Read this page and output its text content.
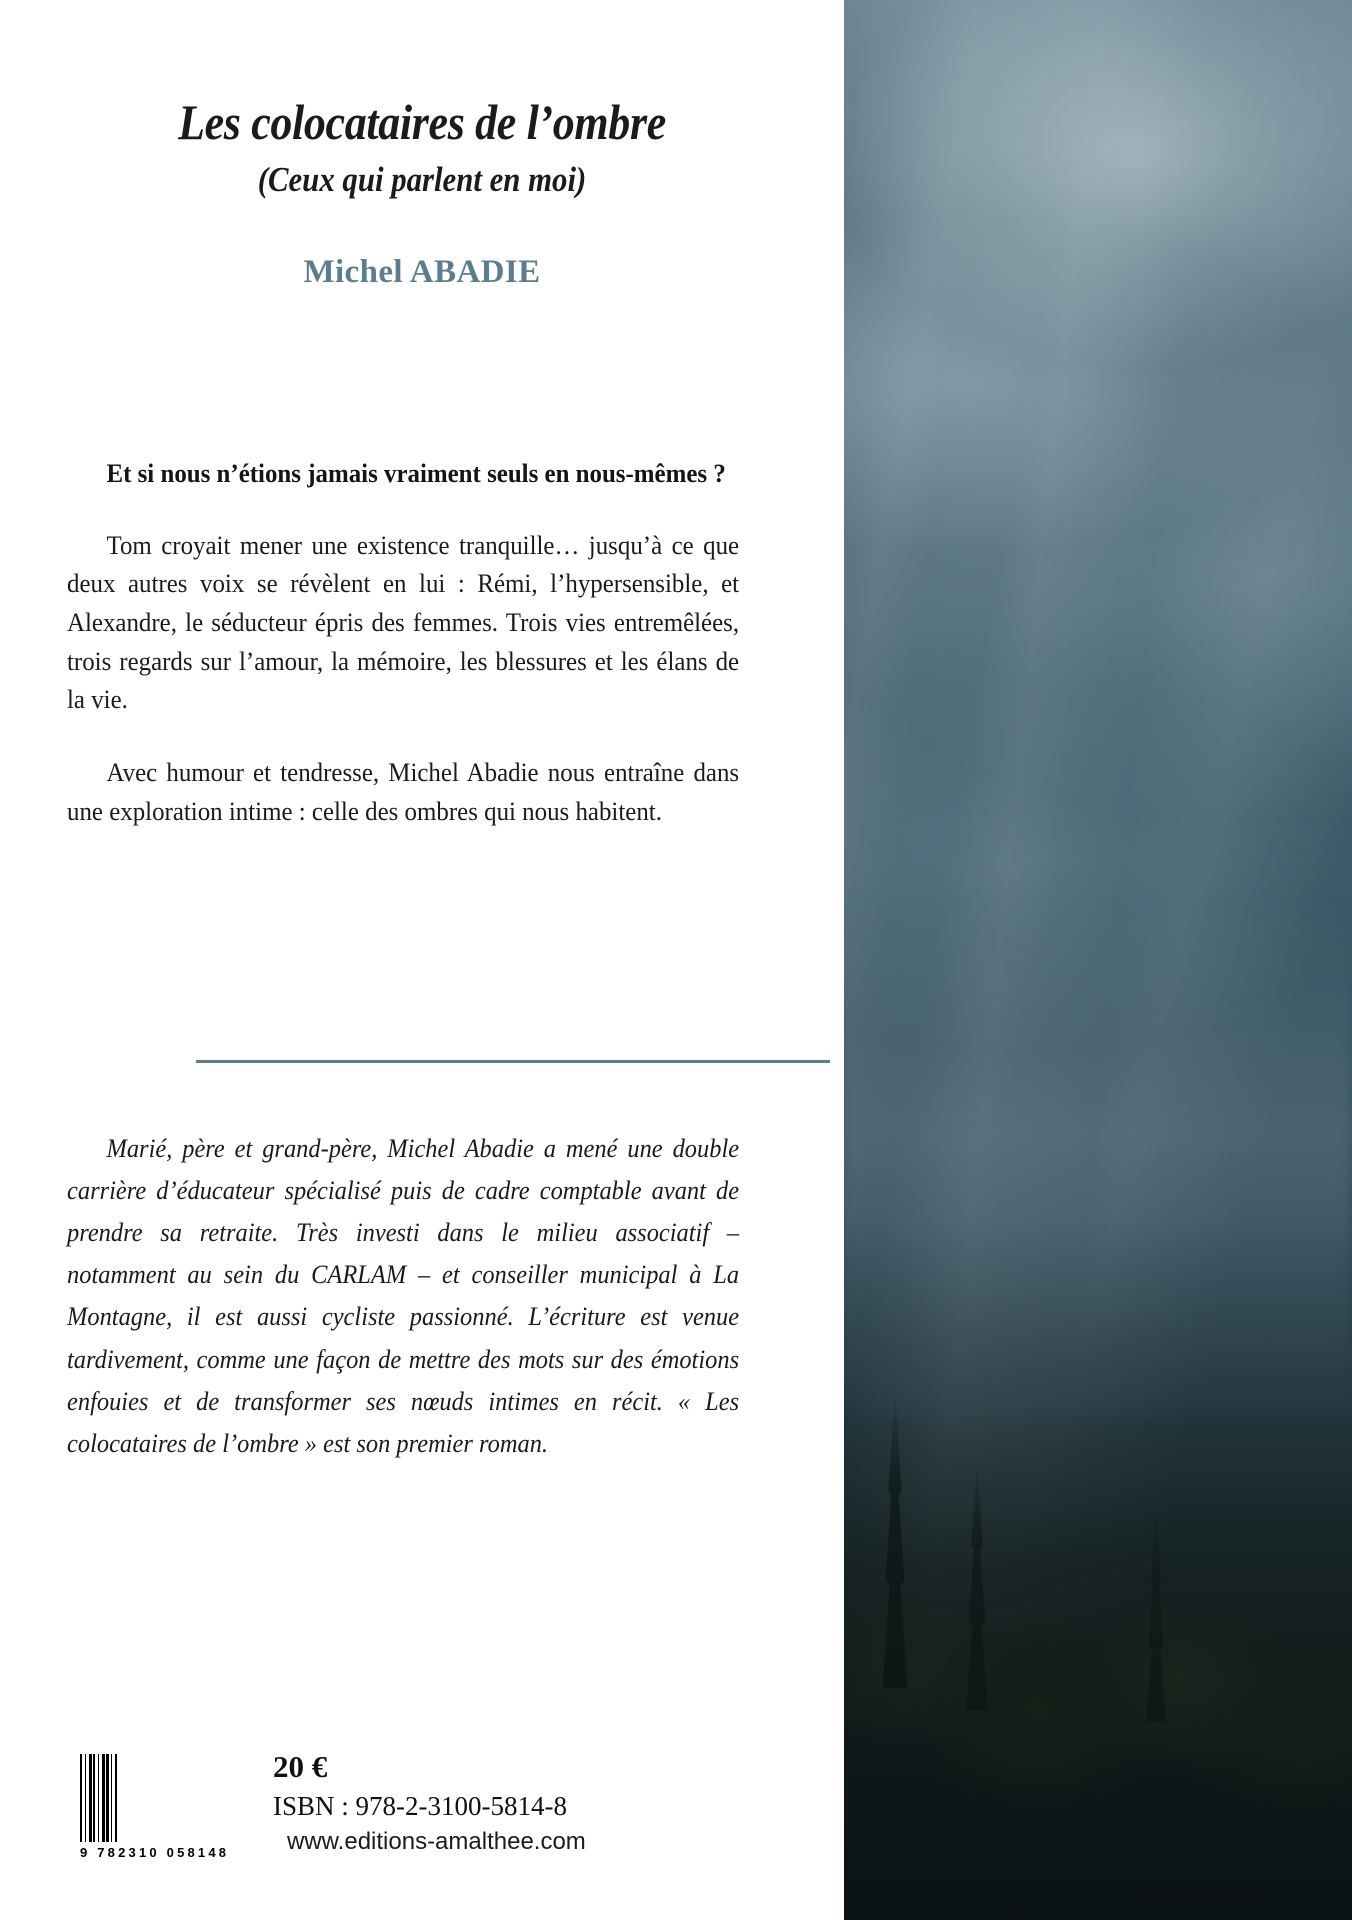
Les colocataires de l’ombre
(Ceux qui parlent en moi)
Michel ABADIE

Et si nous n’étions jamais vraiment seuls en nous-mêmes ?

Tom croyait mener une existence tranquille… jusqu’à ce que deux autres voix se révèlent en lui : Rémi, l’hypersensible, et Alexandre, le séducteur épris des femmes. Trois vies entremêlées, trois regards sur l’amour, la mémoire, les blessures et les élans de la vie.

Avec humour et tendresse, Michel Abadie nous entraîne dans une exploration intime : celle des ombres qui nous habitent.

Marié, père et grand-père, Michel Abadie a mené une double carrière d’éducateur spécialisé puis de cadre comptable avant de prendre sa retraite. Très investi dans le milieu associatif – notamment au sein du CARLAM – et conseiller municipal à La Montagne, il est aussi cycliste passionné. L’écriture est venue tardivement, comme une façon de mettre des mots sur des émotions enfouies et de transformer ses nœuds intimes en récit. « Les colocataires de l’ombre » est son premier roman.

9 782310 058148
20 €
ISBN : 978-2-3100-5814-8
www.editions-amalthee.com
